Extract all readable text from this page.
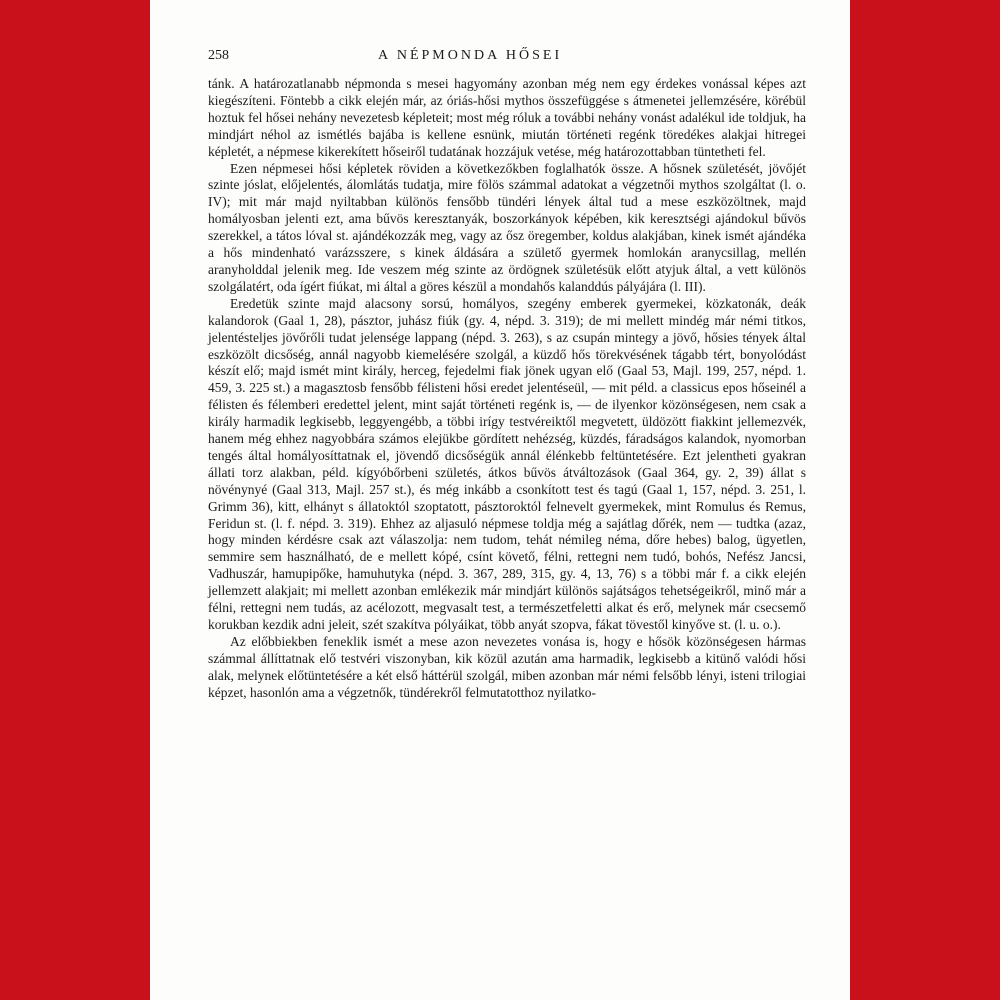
258	A NÉPMONDA HŐSEI

tánk. A határozatlanabb népmonda s mesei hagyomány azonban még nem egy érdekes vonással képes azt kiegészíteni. Föntebb a cikk elején már, az óriás-hősi mythos összefüggése s átmenetei jellemzésére, körébül hoztuk fel hősei nehány nevezetesb képleteit; most még róluk a további nehány vonást adalékul ide toldjuk, ha mindjárt néhol az ismétlés bajába is kellene esnünk, miután történeti regénk töredékes alakjai hitregei képletét, a népmese kikerekített hőseiről tudatának hozzájuk vetése, még határozottabban tüntetheti fel.

Ezen népmesei hősi képletek röviden a következőkben foglalhatók össze. A hősnek születését, jövőjét szinte jóslat, előjelentés, álomlátás tudatja, mire fölös számmal adatokat a végzetnői mythos szolgáltat (l. o. IV); mit már majd nyiltabban különös fensőbb tündéri lények által tud a mese eszközöltnek, majd homályosban jelenti ezt, ama bűvös keresztanyák, boszorkányok képében, kik keresztségi ajándokul bűvös szerekkel, a tátos lóval st. ajándékozzák meg, vagy az ősz öregember, koldus alakjában, kinek ismét ajándéka a hős mindenható varázsszere, s kinek áldására a születő gyermek homlokán aranycsillag, mellén aranyholddal jelenik meg. Ide veszem még szinte az ördögnek születésük előtt atyjuk által, a vett különös szolgálatért, oda ígért fiúkat, mi által a göres készül a mondahős kalanddús pályájára (l. III).

Eredetük szinte majd alacsony sorsú, homályos, szegény emberek gyermekei, közkatonák, deák kalandorok (Gaal 1, 28), pásztor, juhász fiúk (gy. 4, népd. 3. 319); de mi mellett mindég már némi titkos, jelentésteljes jövőrőli tudat jelensége lappang (népd. 3. 263), s az csupán mintegy a jövő, hősies tények által eszközölt dicsőség, annál nagyobb kiemelésére szolgál, a küzdő hős törekvésének tágabb tért, bonyolódást készít elő; majd ismét mint király, herceg, fejedelmi fiak jönek ugyan elő (Gaal 53, Majl. 199, 257, népd. 1. 459, 3. 225 st.) a magasztosb fensőbb félisteni hősi eredet jelentéseül, — mit péld. a classicus epos hőseinél a félisten és félemberi eredettel jelent, mint saját történeti regénk is, — de ilyenkor közönségesen, nem csak a király harmadik legkisebb, leggyengébb, a többi irígy testvéreiktől megvetett, üldözött fiakkint jellemezvék, hanem még ehhez nagyobbára számos elejükbe gördített nehézség, küzdés, fáradságos kalandok, nyomorban tengés által homályosíttatnak el, jövendő dicsőségük annál élénkebb feltüntetésére. Ezt jelentheti gyakran állati torz alakban, péld. kígyóbőrbeni születés, átkos bűvös átváltozások (Gaal 364, gy. 2, 39) állat s növénynyé (Gaal 313, Majl. 257 st.), és még inkább a csonkított test és tagú (Gaal 1, 157, népd. 3. 251, l. Grimm 36), kitt, elhányt s állatoktól szoptatott, pásztoroktól felnevelt gyermekek, mint Romulus és Remus, Feridun st. (l. f. népd. 3. 319). Ehhez az aljasuló népmese toldja még a sajátlag dőrék, nem — tudtka (azaz, hogy minden kérdésre csak azt válaszolja: nem tudom, tehát némileg néma, dőre hebes) balog, ügyetlen, semmire sem használható, de e mellett kópé, csínt követő, félni, rettegni nem tudó, bohós, Nefész Jancsi, Vadhuszár, hamupipőke, hamuhutyka (népd. 3. 367, 289, 315, gy. 4, 13, 76) s a többi már f. a cikk elején jellemzett alakjait; mi mellett azonban emlékezik már mindjárt különös sajátságos tehetségeikről, minő már a félni, rettegni nem tudás, az acélozott, megvasalt test, a természetfeletti alkat és erő, melynek már csecsemő korukban kezdik adni jeleit, szét szakítva pólyáikat, több anyát szopva, fákat tövestől kinyőve st. (l. u. o.).

Az előbbiekben feneklik ismét a mese azon nevezetes vonása is, hogy e hősök közönségesen hármas számmal állíttatnak elő testvéri viszonyban, kik közül azután ama harmadik, legkisebb a kitünő valódi hősi alak, melynek előtüntetésére a két első háttérül szolgál, miben azonban már némi felsőbb lényi, isteni trilogiai képzet, hasonlón ama a végzetnők, tündérekről felmutatotthoz nyilatko-
